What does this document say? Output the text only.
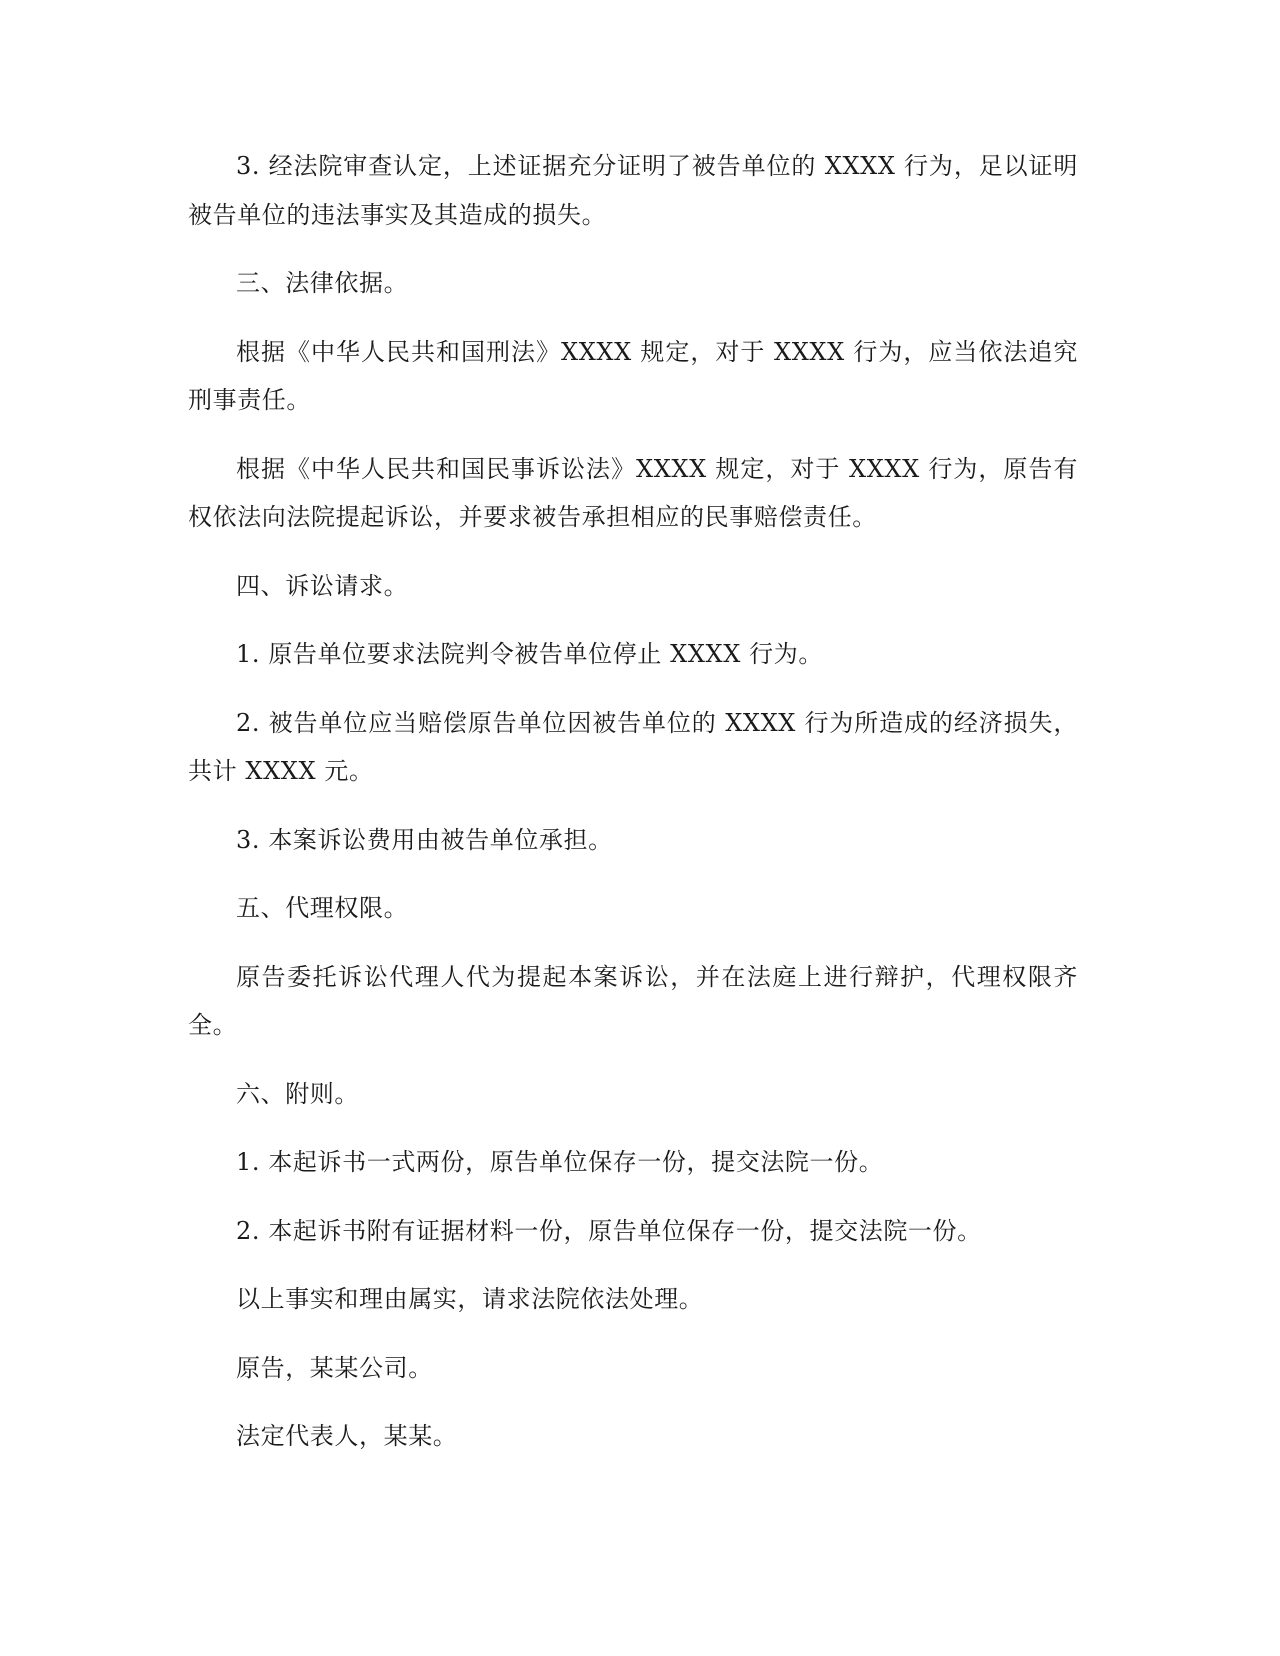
3. 经法院审查认定，上述证据充分证明了被告单位的 XXXX 行为，足以证明被告单位的违法事实及其造成的损失。

三、法律依据。

根据《中华人民共和国刑法》XXXX 规定，对于 XXXX 行为，应当依法追究刑事责任。

根据《中华人民共和国民事诉讼法》XXXX 规定，对于 XXXX 行为，原告有权依法向法院提起诉讼，并要求被告承担相应的民事赔偿责任。

四、诉讼请求。

1. 原告单位要求法院判令被告单位停止 XXXX 行为。

2. 被告单位应当赔偿原告单位因被告单位的 XXXX 行为所造成的经济损失，共计 XXXX 元。

3. 本案诉讼费用由被告单位承担。

五、代理权限。

原告委托诉讼代理人代为提起本案诉讼，并在法庭上进行辩护，代理权限齐全。

六、附则。

1. 本起诉书一式两份，原告单位保存一份，提交法院一份。

2. 本起诉书附有证据材料一份，原告单位保存一份，提交法院一份。

以上事实和理由属实，请求法院依法处理。

原告，某某公司。

法定代表人，某某。
